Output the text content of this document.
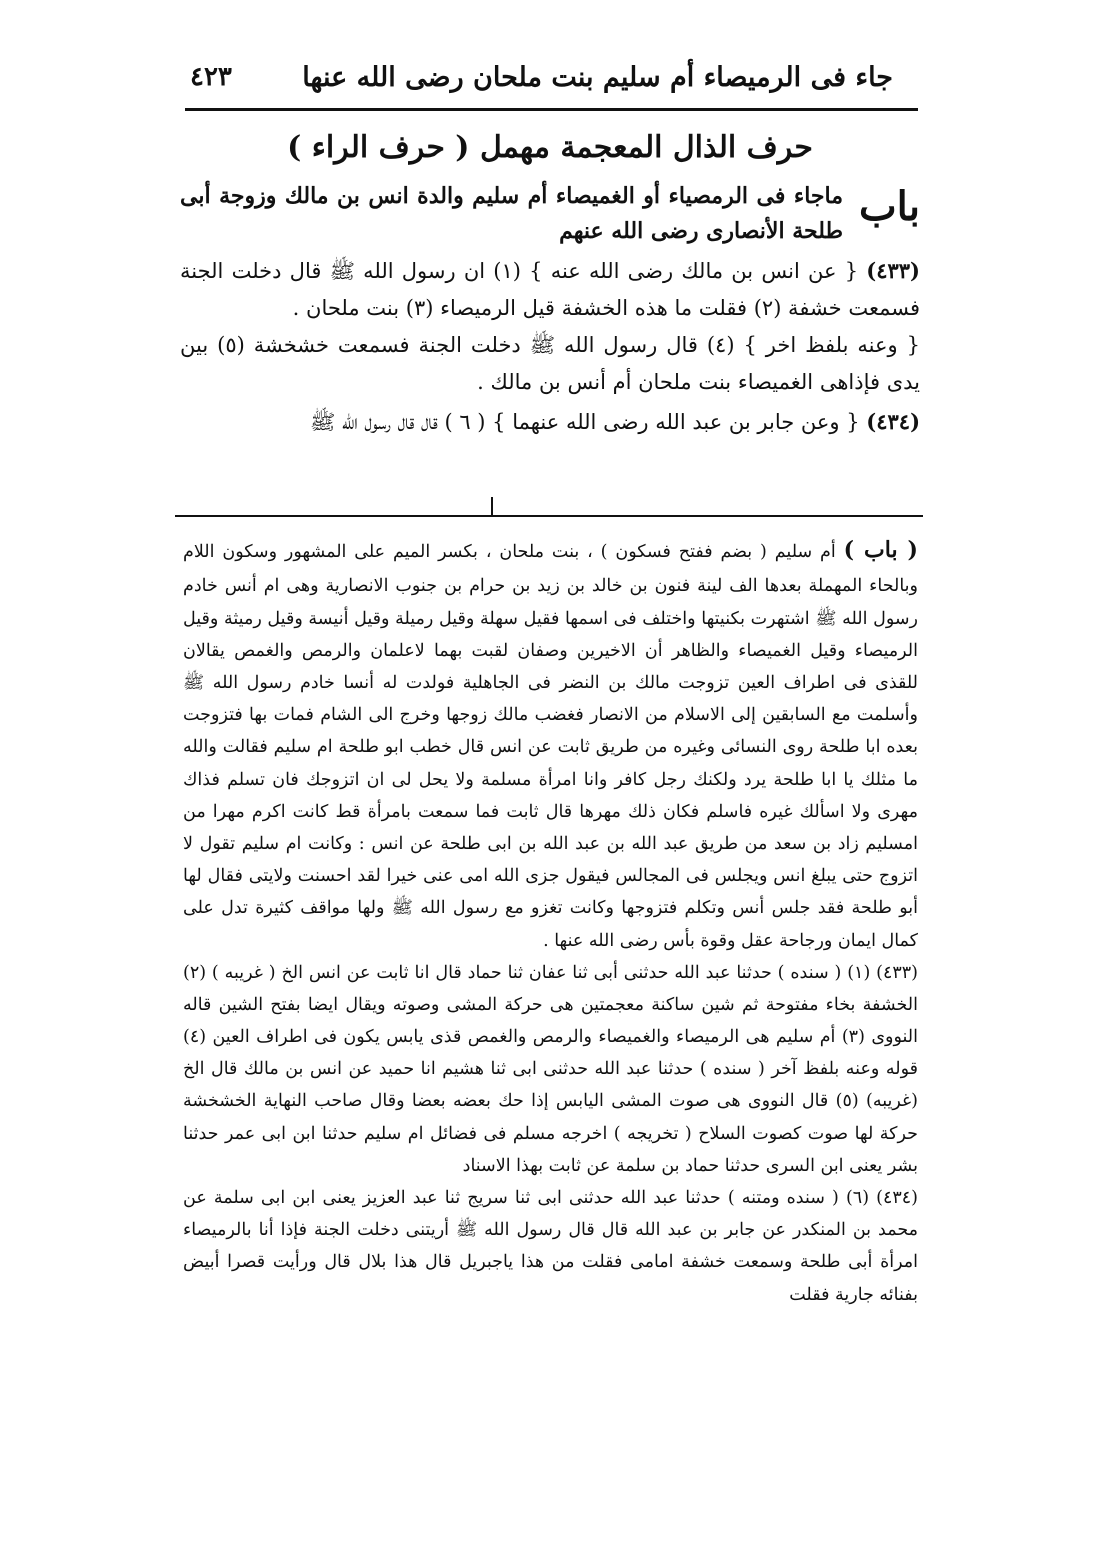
جاء فى الرميصاء أم سليم بنت ملحان رضى الله عنها
٤٢٣
حرف الذال المعجمة مهمل ( حرف الراء )
باب
ماجاء فى الرمصياء أو الغميصاء أم سليم والدة انس بن مالك وزوجة أبى طلحة الأنصارى رضى الله عنهم
(٤٣٣) { عن انس بن مالك رضى الله عنه } (١) ان رسول الله ﷺ قال دخلت الجنة فسمعت خشفة (٢) فقلت ما هذه الخشفة قيل الرميصاء (٣) بنت ملحان .
{ وعنه بلفظ اخر } (٤) قال رسول الله ﷺ دخلت الجنة فسمعت خشخشة (٥) بين يدى فإذاهى الغميصاء بنت ملحان أم أنس بن مالك .
(٤٣٤) { وعن جابر بن عبد الله رضى الله عنهما } ( ٦ ) قال قال رسول الله ﷺ

( باب ) أم سليم ( بضم ففتح فسكون ) ، بنت ملحان ، بكسر الميم على المشهور وسكون اللام وبالحاء المهملة بعدها الف لينة فنون بن خالد بن زيد بن حرام بن جنوب الانصارية وهى ام أنس خادم رسول الله ﷺ اشتهرت بكنيتها واختلف فى اسمها فقيل سهلة وقيل رميلة وقيل أنيسة وقيل رميثة وقيل الرميصاء وقيل الغميصاء والظاهر أن الاخيرين وصفان لقبت بهما لاعلمان والرمص والغمص يقالان للقذى فى اطراف العين تزوجت مالك بن النضر فى الجاهلية فولدت له أنسا خادم رسول الله ﷺ وأسلمت مع السابقين إلى الاسلام من الانصار فغضب مالك زوجها وخرج الى الشام فمات بها فتزوجت بعده ابا طلحة روى النسائى وغيره من طريق ثابت عن انس قال خطب ابو طلحة ام سليم فقالت والله ما مثلك يا ابا طلحة يرد ولكنك رجل كافر وانا امرأة مسلمة ولا يحل لى ان اتزوجك فان تسلم فذاك مهرى ولا اسألك غيره فاسلم فكان ذلك مهرها قال ثابت فما سمعت بامرأة قط كانت اكرم مهرا من امسليم زاد بن سعد من طريق عبد الله بن عبد الله بن ابى طلحة عن انس : وكانت ام سليم تقول لا اتزوج حتى يبلغ انس ويجلس فى المجالس فيقول جزى الله امى عنى خيرا لقد احسنت ولايتى فقال لها أبو طلحة فقد جلس أنس وتكلم فتزوجها وكانت تغزو مع رسول الله ﷺ ولها مواقف كثيرة تدل على كمال ايمان ورجاحة عقل وقوة بأس رضى الله عنها .

(٤٣٣) (١) ( سنده ) حدثنا عبد الله حدثنى أبى ثنا عفان ثنا حماد قال انا ثابت عن انس الخ ( غريبه ) (٢) الخشفة بخاء مفتوحة ثم شين ساكنة معجمتين هى حركة المشى وصوته ويقال ايضا بفتح الشين قاله النووى (٣) أم سليم هى الرميصاء والغميصاء والرمص والغمص قذى يابس يكون فى اطراف العين (٤) قوله وعنه بلفظ آخر ( سنده ) حدثنا عبد الله حدثنى ابى ثنا هشيم انا حميد عن انس بن مالك قال الخ (غريبه) (٥) قال النووى هى صوت المشى اليابس إذا حك بعضه بعضا وقال صاحب النهاية الخشخشة حركة لها صوت كصوت السلاح ( تخريجه ) اخرجه مسلم فى فضائل ام سليم حدثنا ابن ابى عمر حدثنا بشر يعنى ابن السرى حدثنا حماد بن سلمة عن ثابت بهذا الاسناد

(٤٣٤) (٦) ( سنده ومتنه ) حدثنا عبد الله حدثنى ابى ثنا سريج ثنا عبد العزيز يعنى ابن ابى سلمة عن محمد بن المنكدر عن جابر بن عبد الله قال قال رسول الله ﷺ أريتنى دخلت الجنة فإذا أنا بالرميصاء امرأة أبى طلحة وسمعت خشفة امامى فقلت من هذا ياجبريل قال هذا بلال قال ورأيت قصرا أبيض بفنائه جارية فقلت
